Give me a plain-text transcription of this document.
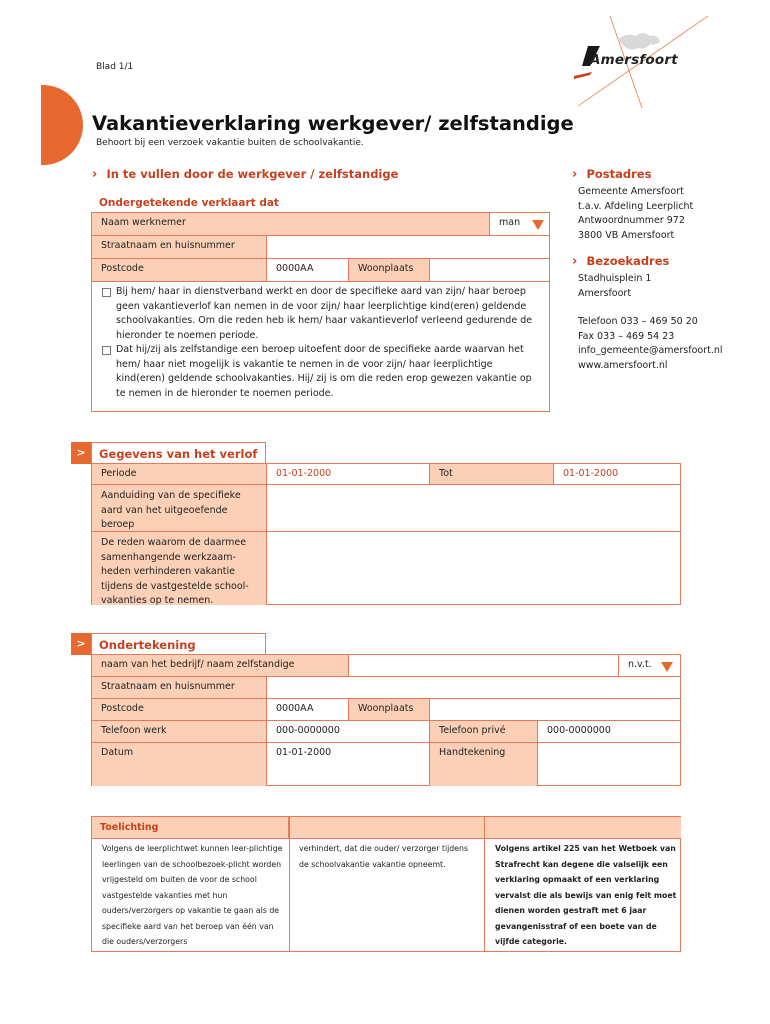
Blad 1/1	Amersfoort
Vakantieverklaring werkgever/ zelfstandige
Behoort bij een verzoek vakantie buiten de schoolvakantie.
› In te vullen door de werkgever / zelfstandige
Ondergetekende verklaart dat
Naam werknemer	man
Straatnaam en huisnummer
Postcode	0000AA	Woonplaats
Bij hem/ haar in dienstverband werkt en door de specifieke aard van zijn/ haar beroep geen vakantieverlof kan nemen in de voor zijn/ haar leerplichtige kind(eren) geldende schoolvakanties. Om die reden heb ik hem/ haar vakantieverlof verleend gedurende de hieronder te noemen periode.
Dat hij/zij als zelfstandige een beroep uitoefent door de specifieke aarde waarvan het hem/ haar niet mogelijk is vakantie te nemen in de voor zijn/ haar leerplichtige kind(eren) geldende schoolvakanties. Hij/ zij is om die reden erop gewezen vakantie op te nemen in de hieronder te noemen periode.
› Postadres
Gemeente Amersfoort
t.a.v. Afdeling Leerplicht
Antwoordnummer 972
3800 VB Amersfoort
› Bezoekadres
Stadhuisplein 1
Amersfoort
Telefoon 033 – 469 50 20
Fax 033 – 469 54 23
info_gemeente@amersfoort.nl
www.amersfoort.nl
>	Gegevens van het verlof
Periode	01-01-2000	Tot	01-01-2000
Aanduiding van de specifieke aard van het uitgeoefende beroep
De reden waarom de daarmee samenhangende werkzaam-heden verhinderen vakantie tijdens de vastgestelde school-vakanties op te nemen.
>	Ondertekening
naam van het bedrijf/ naam zelfstandige	n.v.t.
Straatnaam en huisnummer
Postcode	0000AA	Woonplaats
Telefoon werk	000-0000000	Telefoon privé	000-0000000
Datum	01-01-2000	Handtekening
Toelichting
Volgens de leerplichtwet kunnen leer-plichtige leerlingen van de schoolbezoek-plicht worden vrijgesteld om buiten de voor de school vastgestelde vakanties met hun ouders/verzorgers op vakantie te gaan als de specifieke aard van het beroep van één van die ouders/verzorgers
verhindert, dat die ouder/ verzorger tijdens de schoolvakantie vakantie opneemt.
Volgens artikel 225 van het Wetboek van Strafrecht kan degene die valselijk een verklaring opmaakt of een verklaring vervalst die als bewijs van enig feit moet dienen worden gestraft met 6 jaar gevangenisstraf of een boete van de vijfde categorie.
